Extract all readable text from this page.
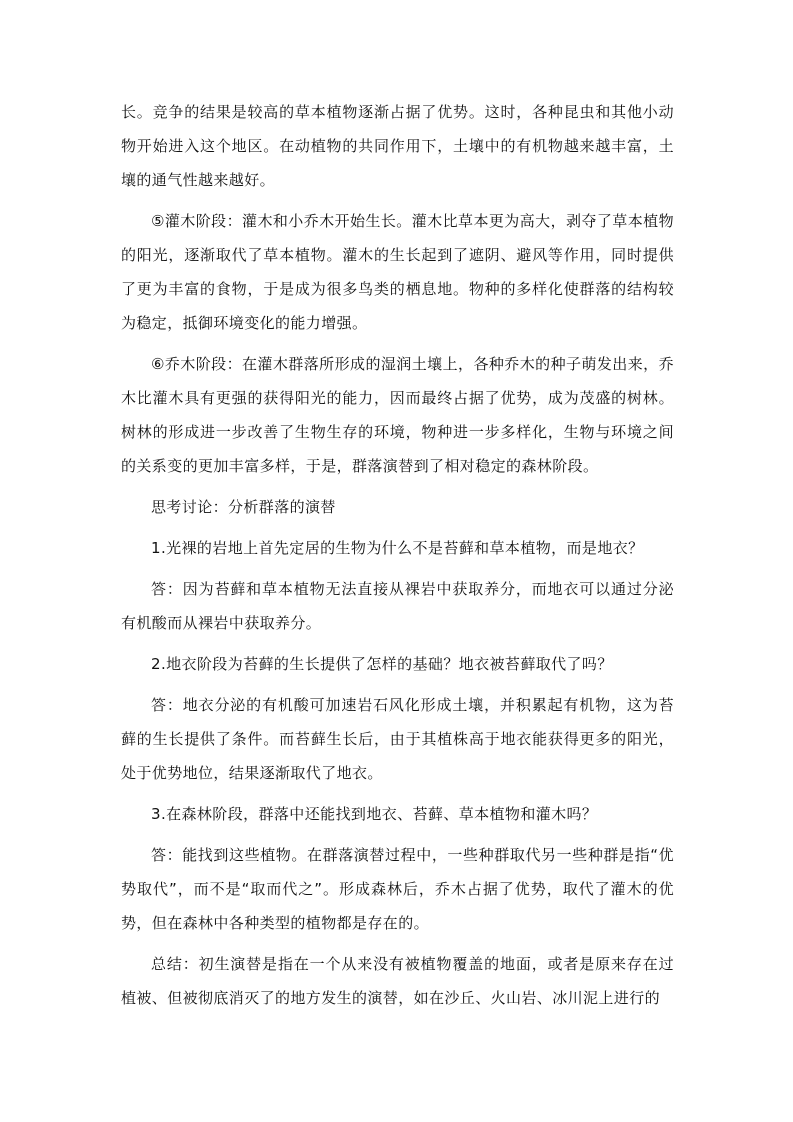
长。竞争的结果是较高的草本植物逐渐占据了优势。这时，各种昆虫和其他小动物开始进入这个地区。在动植物的共同作用下，土壤中的有机物越来越丰富，土壤的通气性越来越好。

⑤灌木阶段：灌木和小乔木开始生长。灌木比草本更为高大，剥夺了草本植物的阳光，逐渐取代了草本植物。灌木的生长起到了遮阴、避风等作用，同时提供了更为丰富的食物，于是成为很多鸟类的栖息地。物种的多样化使群落的结构较为稳定，抵御环境变化的能力增强。

⑥乔木阶段：在灌木群落所形成的湿润土壤上，各种乔木的种子萌发出来，乔木比灌木具有更强的获得阳光的能力，因而最终占据了优势，成为茂盛的树林。树林的形成进一步改善了生物生存的环境，物种进一步多样化，生物与环境之间的关系变的更加丰富多样，于是，群落演替到了相对稳定的森林阶段。

思考讨论：分析群落的演替

1.光裸的岩地上首先定居的生物为什么不是苔藓和草本植物，而是地衣？

答：因为苔藓和草本植物无法直接从裸岩中获取养分，而地衣可以通过分泌有机酸而从裸岩中获取养分。

2.地衣阶段为苔藓的生长提供了怎样的基础？地衣被苔藓取代了吗？

答：地衣分泌的有机酸可加速岩石风化形成土壤，并积累起有机物，这为苔藓的生长提供了条件。而苔藓生长后，由于其植株高于地衣能获得更多的阳光，处于优势地位，结果逐渐取代了地衣。

3.在森林阶段，群落中还能找到地衣、苔藓、草本植物和灌木吗？

答：能找到这些植物。在群落演替过程中，一些种群取代另一些种群是指“优势取代”，而不是“取而代之”。形成森林后，乔木占据了优势，取代了灌木的优势，但在森林中各种类型的植物都是存在的。

总结：初生演替是指在一个从来没有被植物覆盖的地面，或者是原来存在过植被、但被彻底消灭了的地方发生的演替，如在沙丘、火山岩、冰川泥上进行的
